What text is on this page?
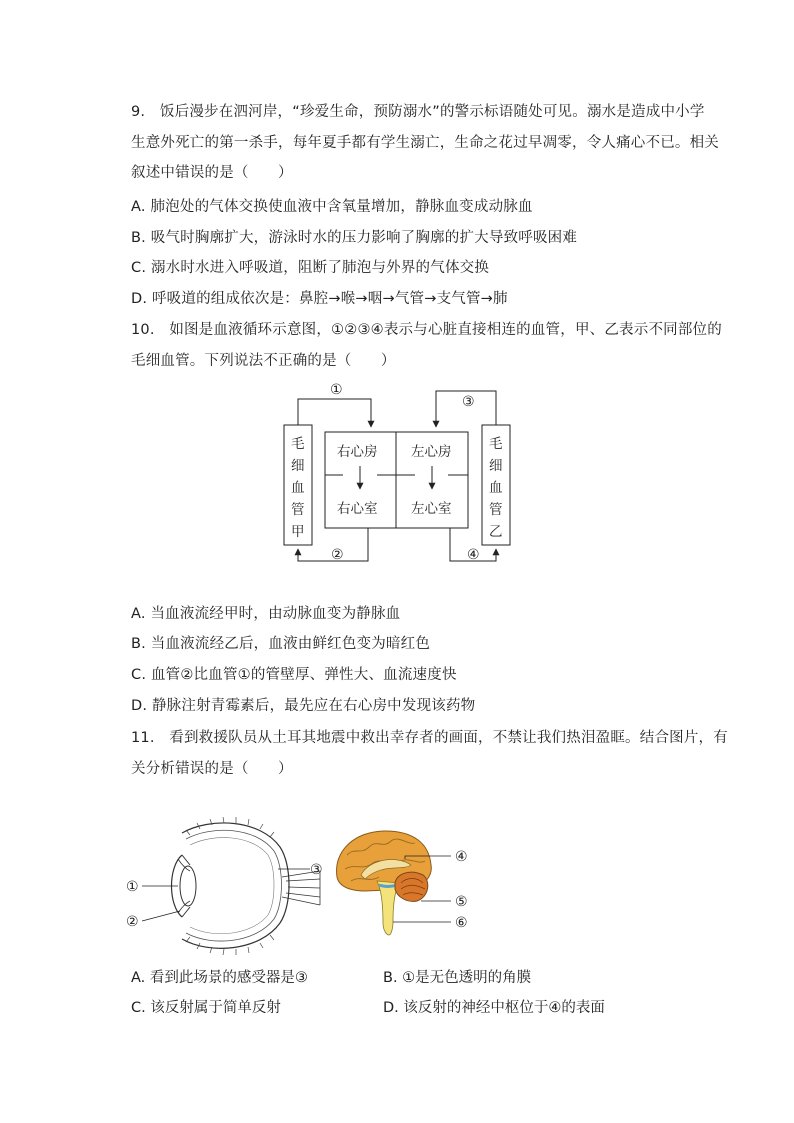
9.　饭后漫步在泗河岸，“珍爱生命，预防溺水”的警示标语随处可见。溺水是造成中小学
生意外死亡的第一杀手，每年夏手都有学生溺亡，生命之花过早凋零，令人痛心不已。相关
叙述中错误的是（　　）
A. 肺泡处的气体交换使血液中含氧量增加，静脉血变成动脉血
B. 吸气时胸廓扩大，游泳时水的压力影响了胸廓的扩大导致呼吸困难
C. 溺水时水进入呼吸道，阻断了肺泡与外界的气体交换
D. 呼吸道的组成依次是：鼻腔→喉→咽→气管→支气管→肺
10.　如图是血液循环示意图，①②③④表示与心脏直接相连的血管，甲、乙表示不同部位的
毛细血管。下列说法不正确的是（　　）
①
③
②	④
右心房 左心房
右心室 左心室
毛
细
血
管
甲
毛
细
血
管
乙
A. 当血液流经甲时，由动脉血变为静脉血
B. 当血液流经乙后，血液由鲜红色变为暗红色
C. 血管②比血管①的管壁厚、弹性大、血流速度快
D. 静脉注射青霉素后，最先应在右心房中发现该药物
11.　看到救援队员从土耳其地震中救出幸存者的画面，不禁让我们热泪盈眶。结合图片，有
关分析错误的是（　　）
①
②
③
④
⑤
⑥
A. 看到此场景的感受器是③	B. ①是无色透明的角膜
C. 该反射属于简单反射	D. 该反射的神经中枢位于④的表面
